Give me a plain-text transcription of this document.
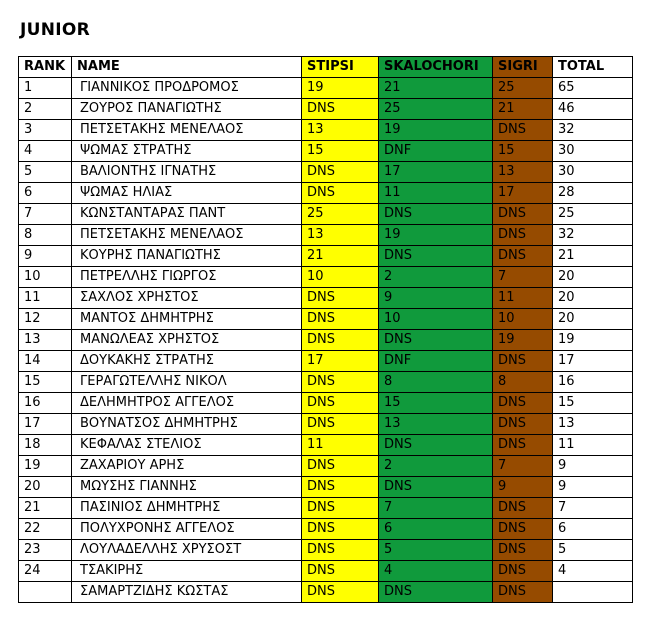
JUNIOR
RANK	NAME	STIPSI	SKALOCHORI	SIGRI	TOTAL
1	ΓΙΑΝΝΙΚΟΣ ΠΡΟΔΡΟΜΟΣ	19	21	25	65
2	ΖΟΥΡΟΣ ΠΑΝΑΓΙΩΤΗΣ	DNS	25	21	46
3	ΠΕΤΣΕΤΑΚΗΣ ΜΕΝΕΛΑΟΣ	13	19	DNS	32
4	ΨΩΜΑΣ ΣΤΡΑΤΗΣ	15	DNF	15	30
5	ΒΑΛΙΟΝΤΗΣ ΙΓΝΑΤΗΣ	DNS	17	13	30
6	ΨΩΜΑΣ ΗΛΙΑΣ	DNS	11	17	28
7	ΚΩΝΣΤΑΝΤΑΡΑΣ ΠΑΝΤ	25	DNS	DNS	25
8	ΠΕΤΣΕΤΑΚΗΣ ΜΕΝΕΛΑΟΣ	13	19	DNS	32
9	ΚΟΥΡΗΣ ΠΑΝΑΓΙΩΤΗΣ	21	DNS	DNS	21
10	ΠΕΤΡΕΛΛΗΣ ΓΙΩΡΓΟΣ	10	2	7	20
11	ΣΑΧΛΟΣ ΧΡΗΣΤΟΣ	DNS	9	11	20
12	ΜΑΝΤΟΣ ΔΗΜΗΤΡΗΣ	DNS	10	10	20
13	ΜΑΝΩΛΕΑΣ ΧΡΗΣΤΟΣ	DNS	DNS	19	19
14	ΔΟΥΚΑΚΗΣ ΣΤΡΑΤΗΣ	17	DNF	DNS	17
15	ΓΕΡΑΓΩΤΕΛΛΗΣ ΝΙΚΟΛ	DNS	8	8	16
16	ΔΕΛΗΜΗΤΡΟΣ ΑΓΓΕΛΟΣ	DNS	15	DNS	15
17	ΒΟΥΝΑΤΣΟΣ ΔΗΜΗΤΡΗΣ	DNS	13	DNS	13
18	ΚΕΦΑΛΑΣ ΣΤΕΛΙΟΣ	11	DNS	DNS	11
19	ΖΑΧΑΡΙΟΥ ΑΡΗΣ	DNS	2	7	9
20	ΜΩΥΣΗΣ ΓΙΑΝΝΗΣ	DNS	DNS	9	9
21	ΠΑΣΙΝΙΟΣ ΔΗΜΗΤΡΗΣ	DNS	7	DNS	7
22	ΠΟΛΥΧΡΟΝΗΣ ΑΓΓΕΛΟΣ	DNS	6	DNS	6
23	ΛΟΥΛΑΔΕΛΛΗΣ ΧΡΥΣΟΣΤ	DNS	5	DNS	5
24	ΤΣΑΚΙΡΗΣ	DNS	4	DNS	4
	ΣΑΜΑΡΤΖΙΔΗΣ ΚΩΣΤΑΣ	DNS	DNS	DNS	
